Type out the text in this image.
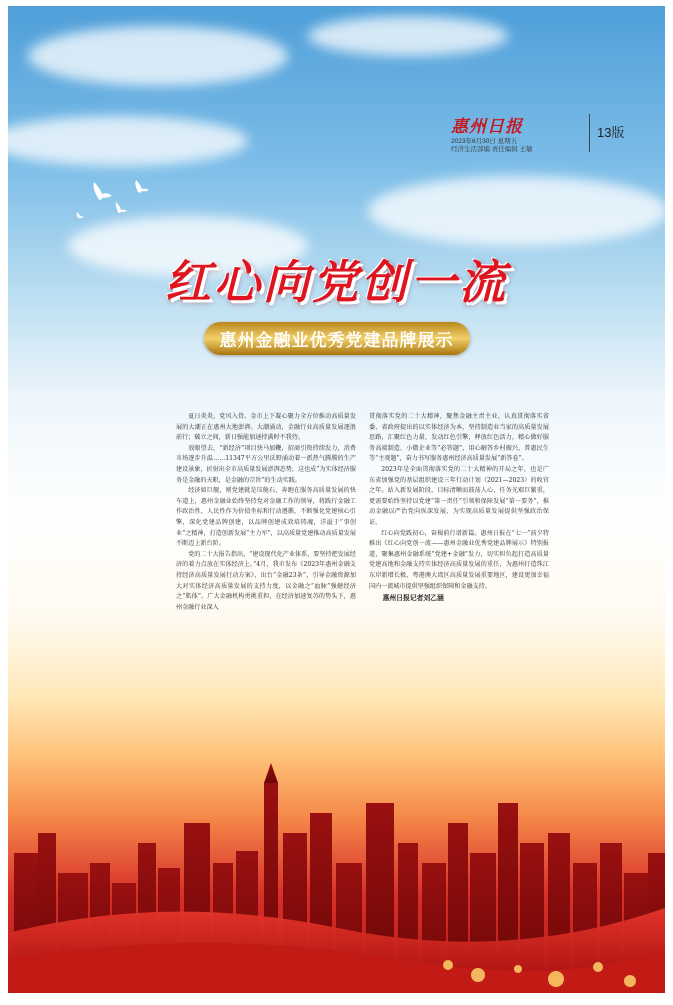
惠州日报
2023年6月30日 星期五
经济生活部编 责任编辑 王敏
13版
红心向党创一流
惠州金融业优秀党建品牌展示

夏日炎炎，党风入骨。金市上下凝心聚力全方位推动高质量发展的大潮正在惠州大地澎湃。大潮涌动，金融行业高质量发展逐浪前行；破立之间，新日强能加速持满时不我待。

放眼望去，“新经济”项目快马加鞭，招商引资持续发力，消费市场逐步升温……11347平方公里沃野涌动着一派热气腾腾的生产建设景象，折射出全市高质量发展澎湃态势，这也成“为实体经济服务是金融的天职，是金融的宗旨”的生动实践。

经济如巨舰，则党建就是压舱石，奔跑在服务高质量发展的快车道上，惠州金融业始终坚持党对金融工作的领导，将践行金融工作政治性、人民性作为价值坐标和行动遵循，不断强化党建核心引擎，深化党建品牌创建，以品牌创建成效培铸魂，洋溢于“事创业”之精神，打造创新发展“主力军”，以高质量党建推动高质量发展不断迈上新台阶。

党的二十大报告指出，“建设现代化产业体系，要坚持把发展经济的着力点放在实体经济上。”4月，我市发布《2023年惠州金融支持经济高质量发展行动方案》，出台“金融23条”，引导金融资源加大对实体经济高质量发展的支持力度，以金融之“血脉”强健经济之“肌体”。广大金融机构勇挑重担，在经济加速复苏的势头下，惠州金融行业深入

贯彻落实党的二十大精神，聚焦金融主责主业，认真贯彻落实省委、省政府提出的以实体经济为本，坚持制造业当家的高质量发展思路，汇聚红色力量，发动红色引擎，释放红色活力，精心做好服务高端制造、小微企业等“必答题”，用心解答乡村振兴、普惠民生等“主观题”，奋力书写服务惠州经济高质量发展“新答卷”。

2023年是全面贯彻落实党的二十大精神的开局之年，也是广东省加强党的基层组织建设三年行动计划（2021—2023）的收官之年。站入新发展阶段，目标清晰而鼓荡人心，任务光艰巨繁重，更需要始终坚持以党建“第一责任”引领和保障发展“第一要务”，推动金融以严治党向纵深发展，为实现高质量发展提供坚强政治保证。

红心向党践初心，奋楫前行谱新篇。惠州日报在“七一”前夕特推出《红心向党创一流——惠州金融业优秀党建品牌展示》特别报道，聚集惠州金融系统“党建+金融”发力，切实担负起打造高质量党建高地和金融支持实体经济高质量发展的重任，为惠州打造珠江东岸新增长极、粤港澳大湾区高质量发展重要地区，建设更加幸福国内一流城市提供坚强组织保障和金融支持。

惠州日报记者刘乙涵
